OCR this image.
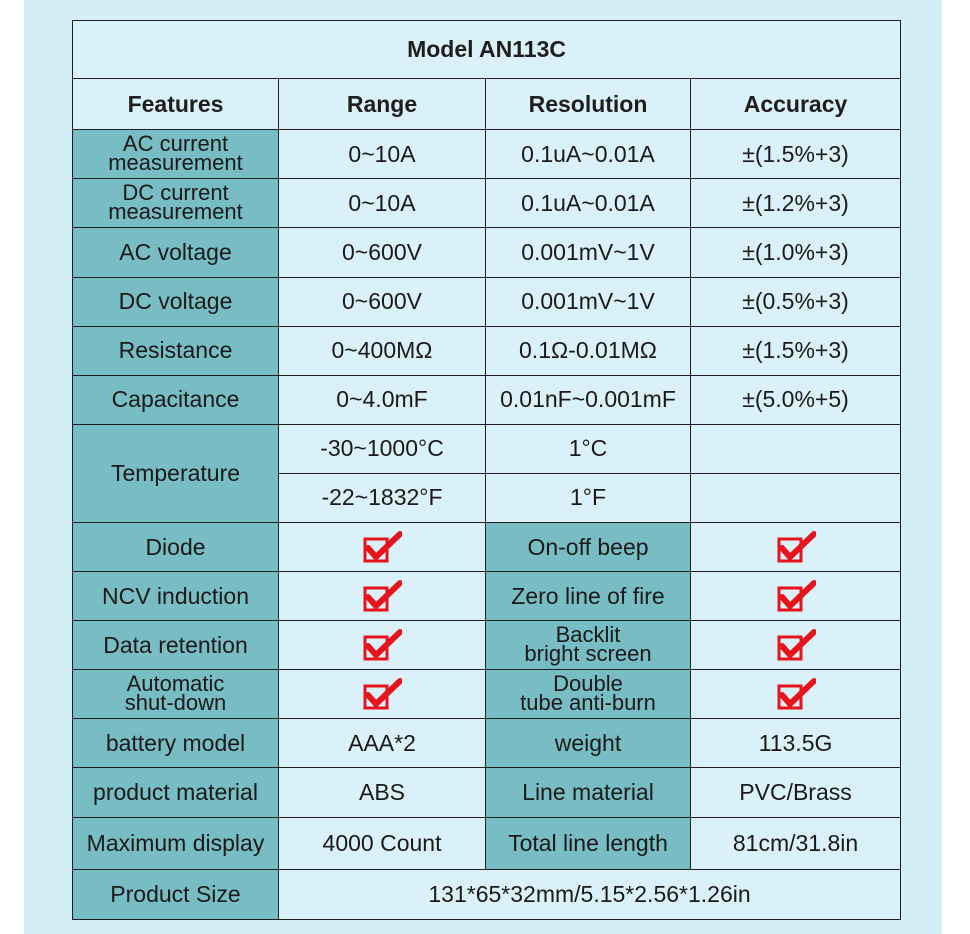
Model AN113C			
Features	Range	Resolution	Accuracy

AC current
measurement	0~10A	0.1uA~0.01A	±(1.5%+3)

DC current
measurement	0~10A	0.1uA~0.01A	±(1.2%+3)
AC voltage	0~600V	0.001mV~1V	±(1.0%+3)
DC voltage	0~600V	0.001mV~1V	±(0.5%+3)
Resistance	0~400MΩ	0.1Ω-0.01MΩ	±(1.5%+3)
Capacitance	0~4.0mF	0.01nF~0.001mF	±(5.0%+5)
Temperature	-30~1000°C	1°C	
	-22~1832°F	1°F	
Diode		On-off beep	
NCV induction		Zero line of fire	
Data retention		Backlit
bright screen

Automatic
shut-down		Double
tube anti-burn

battery model	AAA*2	weight	113.5G
product material	ABS	Line material	PVC/Brass
Maximum display	4000 Count	Total line length	81cm/31.8in
Product Size	131*65*32mm/5.15*2.56*1.26in		
